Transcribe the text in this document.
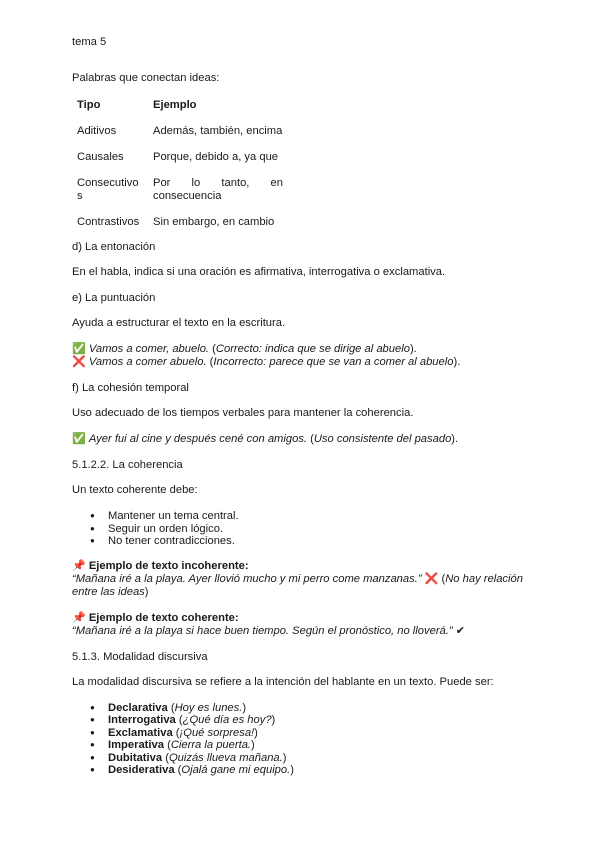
tema 5

Palabras que conectan ideas:

Tipo	Ejemplo
Aditivos	Además, también, encima
Causales	Porque, debido a, ya que
Consecutivo s	Por lo tanto, en consecuencia
Contrastivos	Sin embargo, en cambio

d) La entonación

En el habla, indica si una oración es afirmativa, interrogativa o exclamativa.

e) La puntuación

Ayuda a estructurar el texto en la escritura.

✅ Vamos a comer, abuelo. (Correcto: indica que se dirige al abuelo).

❌ Vamos a comer abuelo. (Incorrecto: parece que se van a comer al abuelo).

f) La cohesión temporal

Uso adecuado de los tiempos verbales para mantener la coherencia.

✅ Ayer fui al cine y después cené con amigos. (Uso consistente del pasado).

5.1.2.2. La coherencia

Un texto coherente debe:

● Mantener un tema central.
● Seguir un orden lógico.
● No tener contradicciones.

📌 Ejemplo de texto incoherente:

“Mañana iré a la playa. Ayer llovió mucho y mi perro come manzanas.” ❌ (No hay relación entre las ideas)

📌 Ejemplo de texto coherente:

“Mañana iré a la playa si hace buen tiempo. Según el pronóstico, no lloverá.” ✔

5.1.3. Modalidad discursiva

La modalidad discursiva se refiere a la intención del hablante en un texto. Puede ser:

● Declarativa (Hoy es lunes.)
● Interrogativa (¿Qué día es hoy?)
● Exclamativa (¡Qué sorpresa!)
● Imperativa (Cierra la puerta.)
● Dubitativa (Quizás llueva mañana.)
● Desiderativa (Ojalá gane mi equipo.)
